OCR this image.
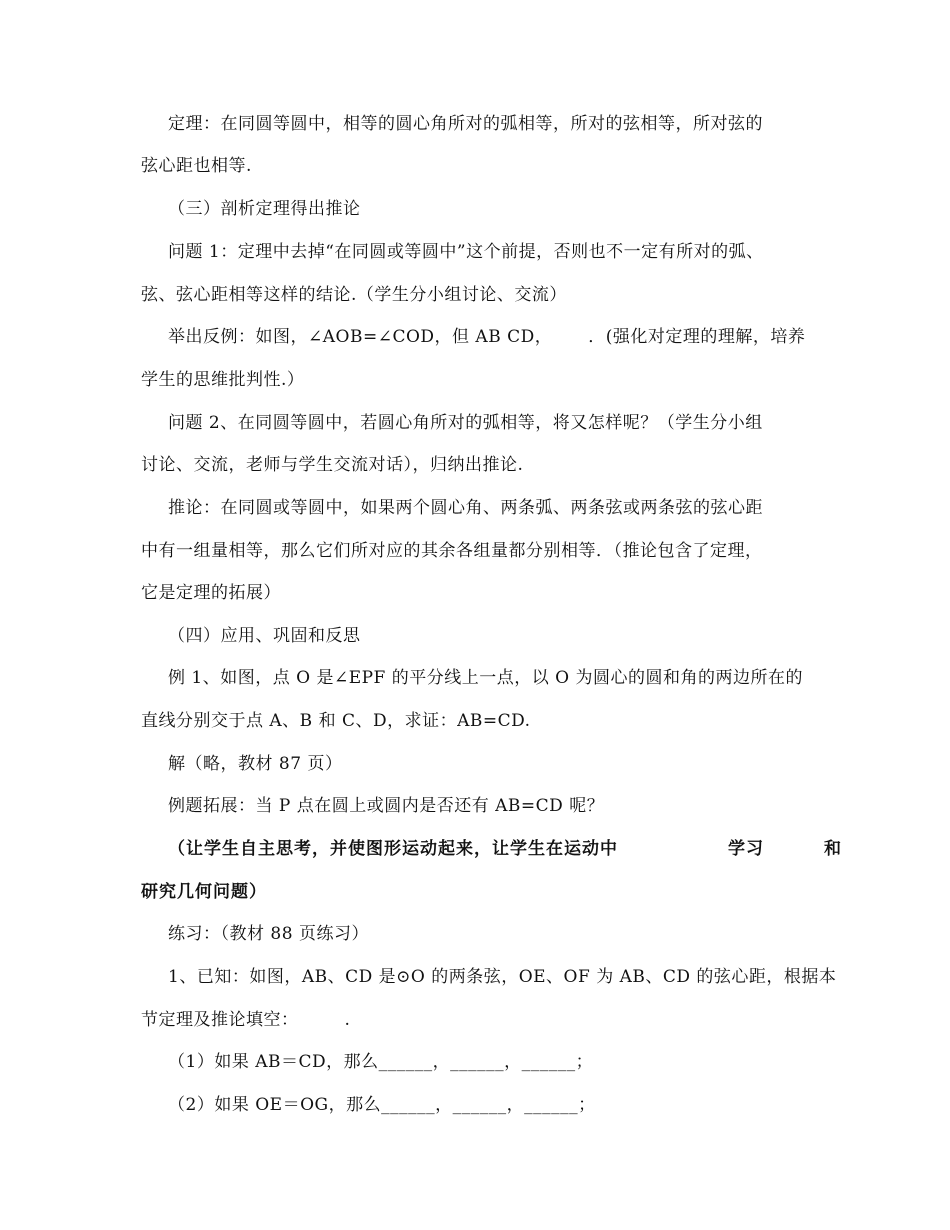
定理：在同圆等圆中，相等的圆心角所对的弧相等，所对的弦相等，所对弦的
弦心距也相等.
（三）剖析定理得出推论
问题 1：定理中去掉“在同圆或等圆中”这个前提，否则也不一定有所对的弧、
弦、弦心距相等这样的结论.（学生分小组讨论、交流）
举出反例：如图，∠AOB=∠COD，但 AB CD， ．(强化对定理的理解，培养
学生的思维批判性.）
问题 2、在同圆等圆中，若圆心角所对的弧相等，将又怎样呢？（学生分小组
讨论、交流，老师与学生交流对话），归纳出推论.
推论：在同圆或等圆中，如果两个圆心角、两条弧、两条弦或两条弦的弦心距
中有一组量相等，那么它们所对应的其余各组量都分别相等．（推论包含了定理，
它是定理的拓展）
（四）应用、巩固和反思
例 1、如图，点 O 是∠EPF 的平分线上一点，以 O 为圆心的圆和角的两边所在的
直线分别交于点 A、B 和 C、D，求证：AB=CD.
解（略，教材 87 页）
例题拓展：当 P 点在圆上或圆内是否还有 AB=CD 呢？
（让学生自主思考，并使图形运动起来，让学生在运动中	学习	和
研究几何问题）
练习：（教材 88 页练习）
1、已知：如图，AB、CD 是⊙O 的两条弦，OE、OF 为 AB、CD 的弦心距，根据本
节定理及推论填空：	.
（1）如果 AB＝CD，那么______，______，______；
（2）如果 OE＝OG，那么______，______，______；
